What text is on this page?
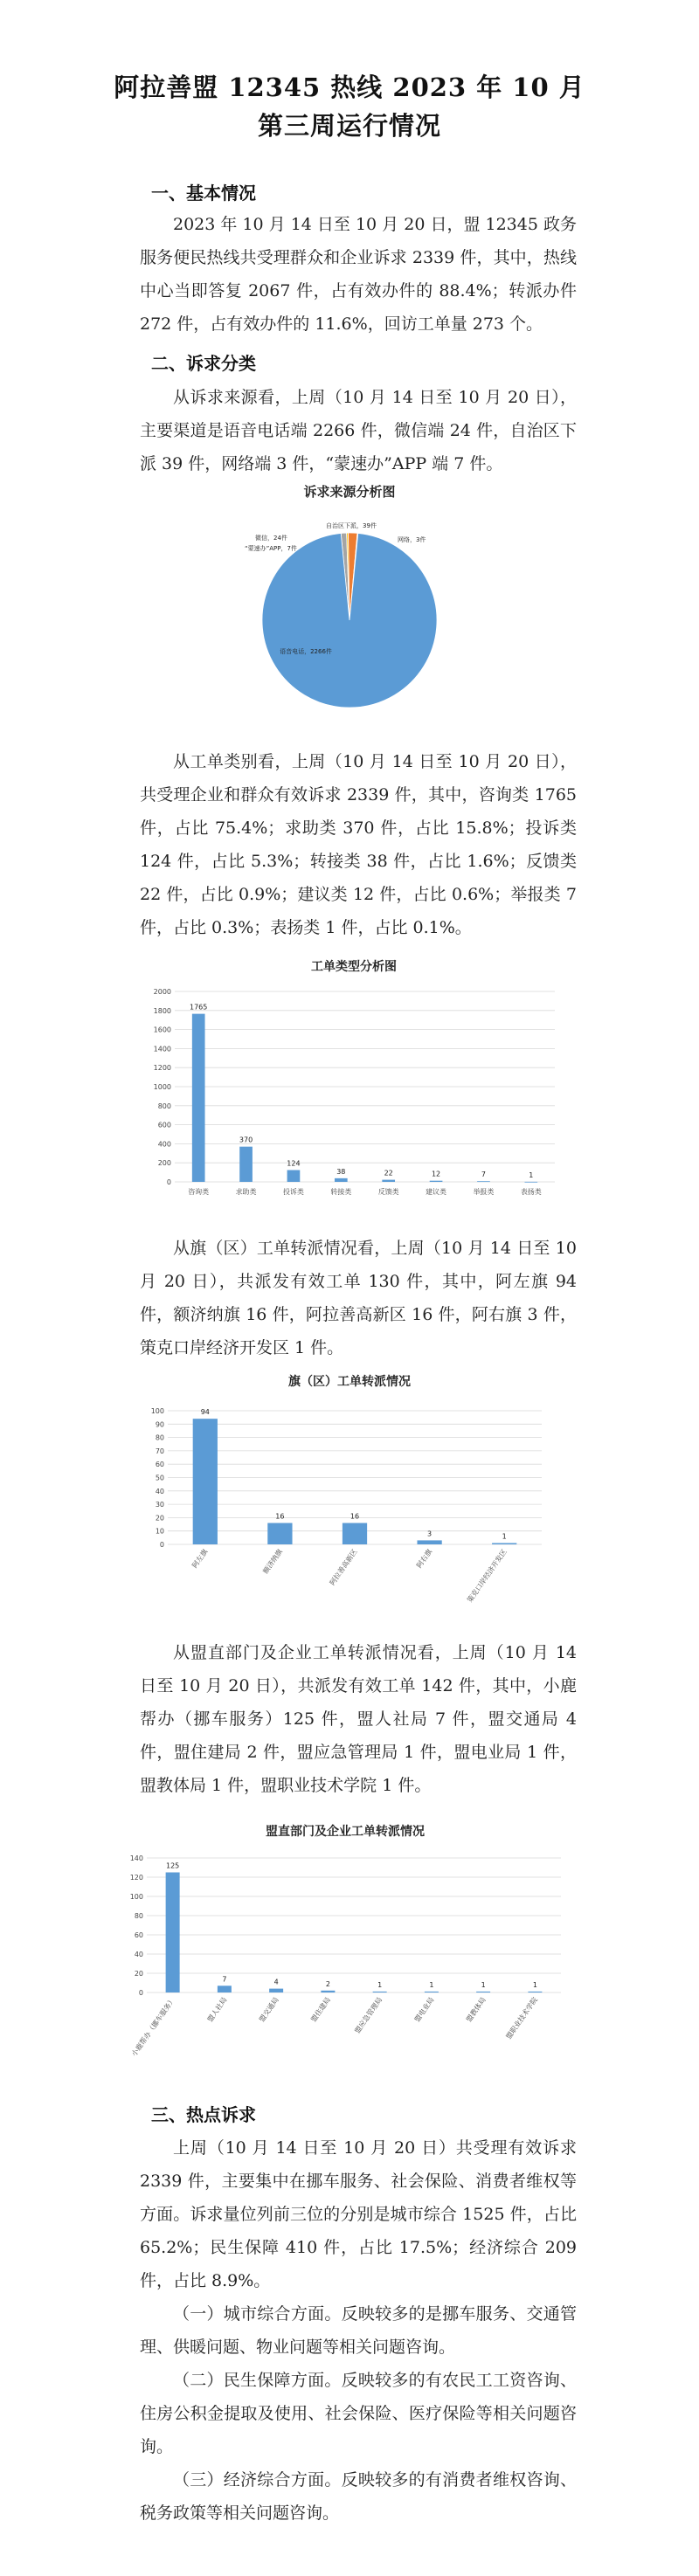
阿拉善盟 12345 热线 2023 年 10 月
第三周运行情况
一、基本情况
2023 年 10 月 14 日至 10 月 20 日，盟 12345 政务服务便民热线共受理群众和企业诉求 2339 件，其中，热线中心当即答复 2067 件，占有效办件的 88.4%；转派办件 272 件，占有效办件的 11.6%，回访工单量 273 个。
二、诉求分类
从诉求来源看，上周（10 月 14 日至 10 月 20 日），主要渠道是语音电话端 2266 件，微信端 24 件，自治区下派 39 件，网络端 3 件，“蒙速办”APP 端 7 件。
诉求来源分析图
微信，24件
“蒙速办”APP，7件
自治区下派，39件
网络，3件
语音电话，2266件
从工单类别看，上周（10 月 14 日至 10 月 20 日），共受理企业和群众有效诉求 2339 件，其中，咨询类 1765 件，占比 75.4%；求助类 370 件，占比 15.8%；投诉类 124 件，占比 5.3%；转接类 38 件，占比 1.6%；反馈类 22 件，占比 0.9%；建议类 12 件，占比 0.6%；举报类 7 件，占比 0.3%；表扬类 1 件，占比 0.1%。
工单类型分析图
0
200
400
600
800
1000
1200
1400
1600
1800
2000
1765
咨询类
370
求助类
124
投诉类
38
转接类
22
反馈类
12
建议类
7
举报类
1
表扬类
从旗（区）工单转派情况看，上周（10 月 14 日至 10 月 20 日），共派发有效工单 130 件，其中，阿左旗 94 件，额济纳旗 16 件，阿拉善高新区 16 件，阿右旗 3 件，策克口岸经济开发区 1 件。
旗（区）工单转派情况
0
10
20
30
40
50
60
70
80
90
100	94
阿左旗
16
额济纳旗
16
阿拉善高新区
3
阿右旗
1
策克口岸经济开发区
从盟直部门及企业工单转派情况看，上周（10 月 14 日至 10 月 20 日），共派发有效工单 142 件，其中，小鹿帮办（挪车服务）125 件，盟人社局 7 件，盟交通局 4 件，盟住建局 2 件，盟应急管理局 1 件，盟电业局 1 件，盟教体局 1 件，盟职业技术学院 1 件。
盟直部门及企业工单转派情况
0
20
40
60
80
100
120
140
125
小鹿帮办（挪车服务）
7
盟人社局
4
盟交通局
2
盟住建局
1
盟应急管理局
1
盟电业局
1
盟教体局
1
盟职业技术学院
三、热点诉求
上周（10 月 14 日至 10 月 20 日）共受理有效诉求 2339 件，主要集中在挪车服务、社会保险、消费者维权等方面。诉求量位列前三位的分别是城市综合 1525 件，占比 65.2%；民生保障 410 件，占比 17.5%；经济综合 209 件，占比 8.9%。
（一）城市综合方面。反映较多的是挪车服务、交通管理、供暖问题、物业问题等相关问题咨询。
（二）民生保障方面。反映较多的有农民工工资咨询、住房公积金提取及使用、社会保险、医疗保险等相关问题咨询。
（三）经济综合方面。反映较多的有消费者维权咨询、税务政策等相关问题咨询。
